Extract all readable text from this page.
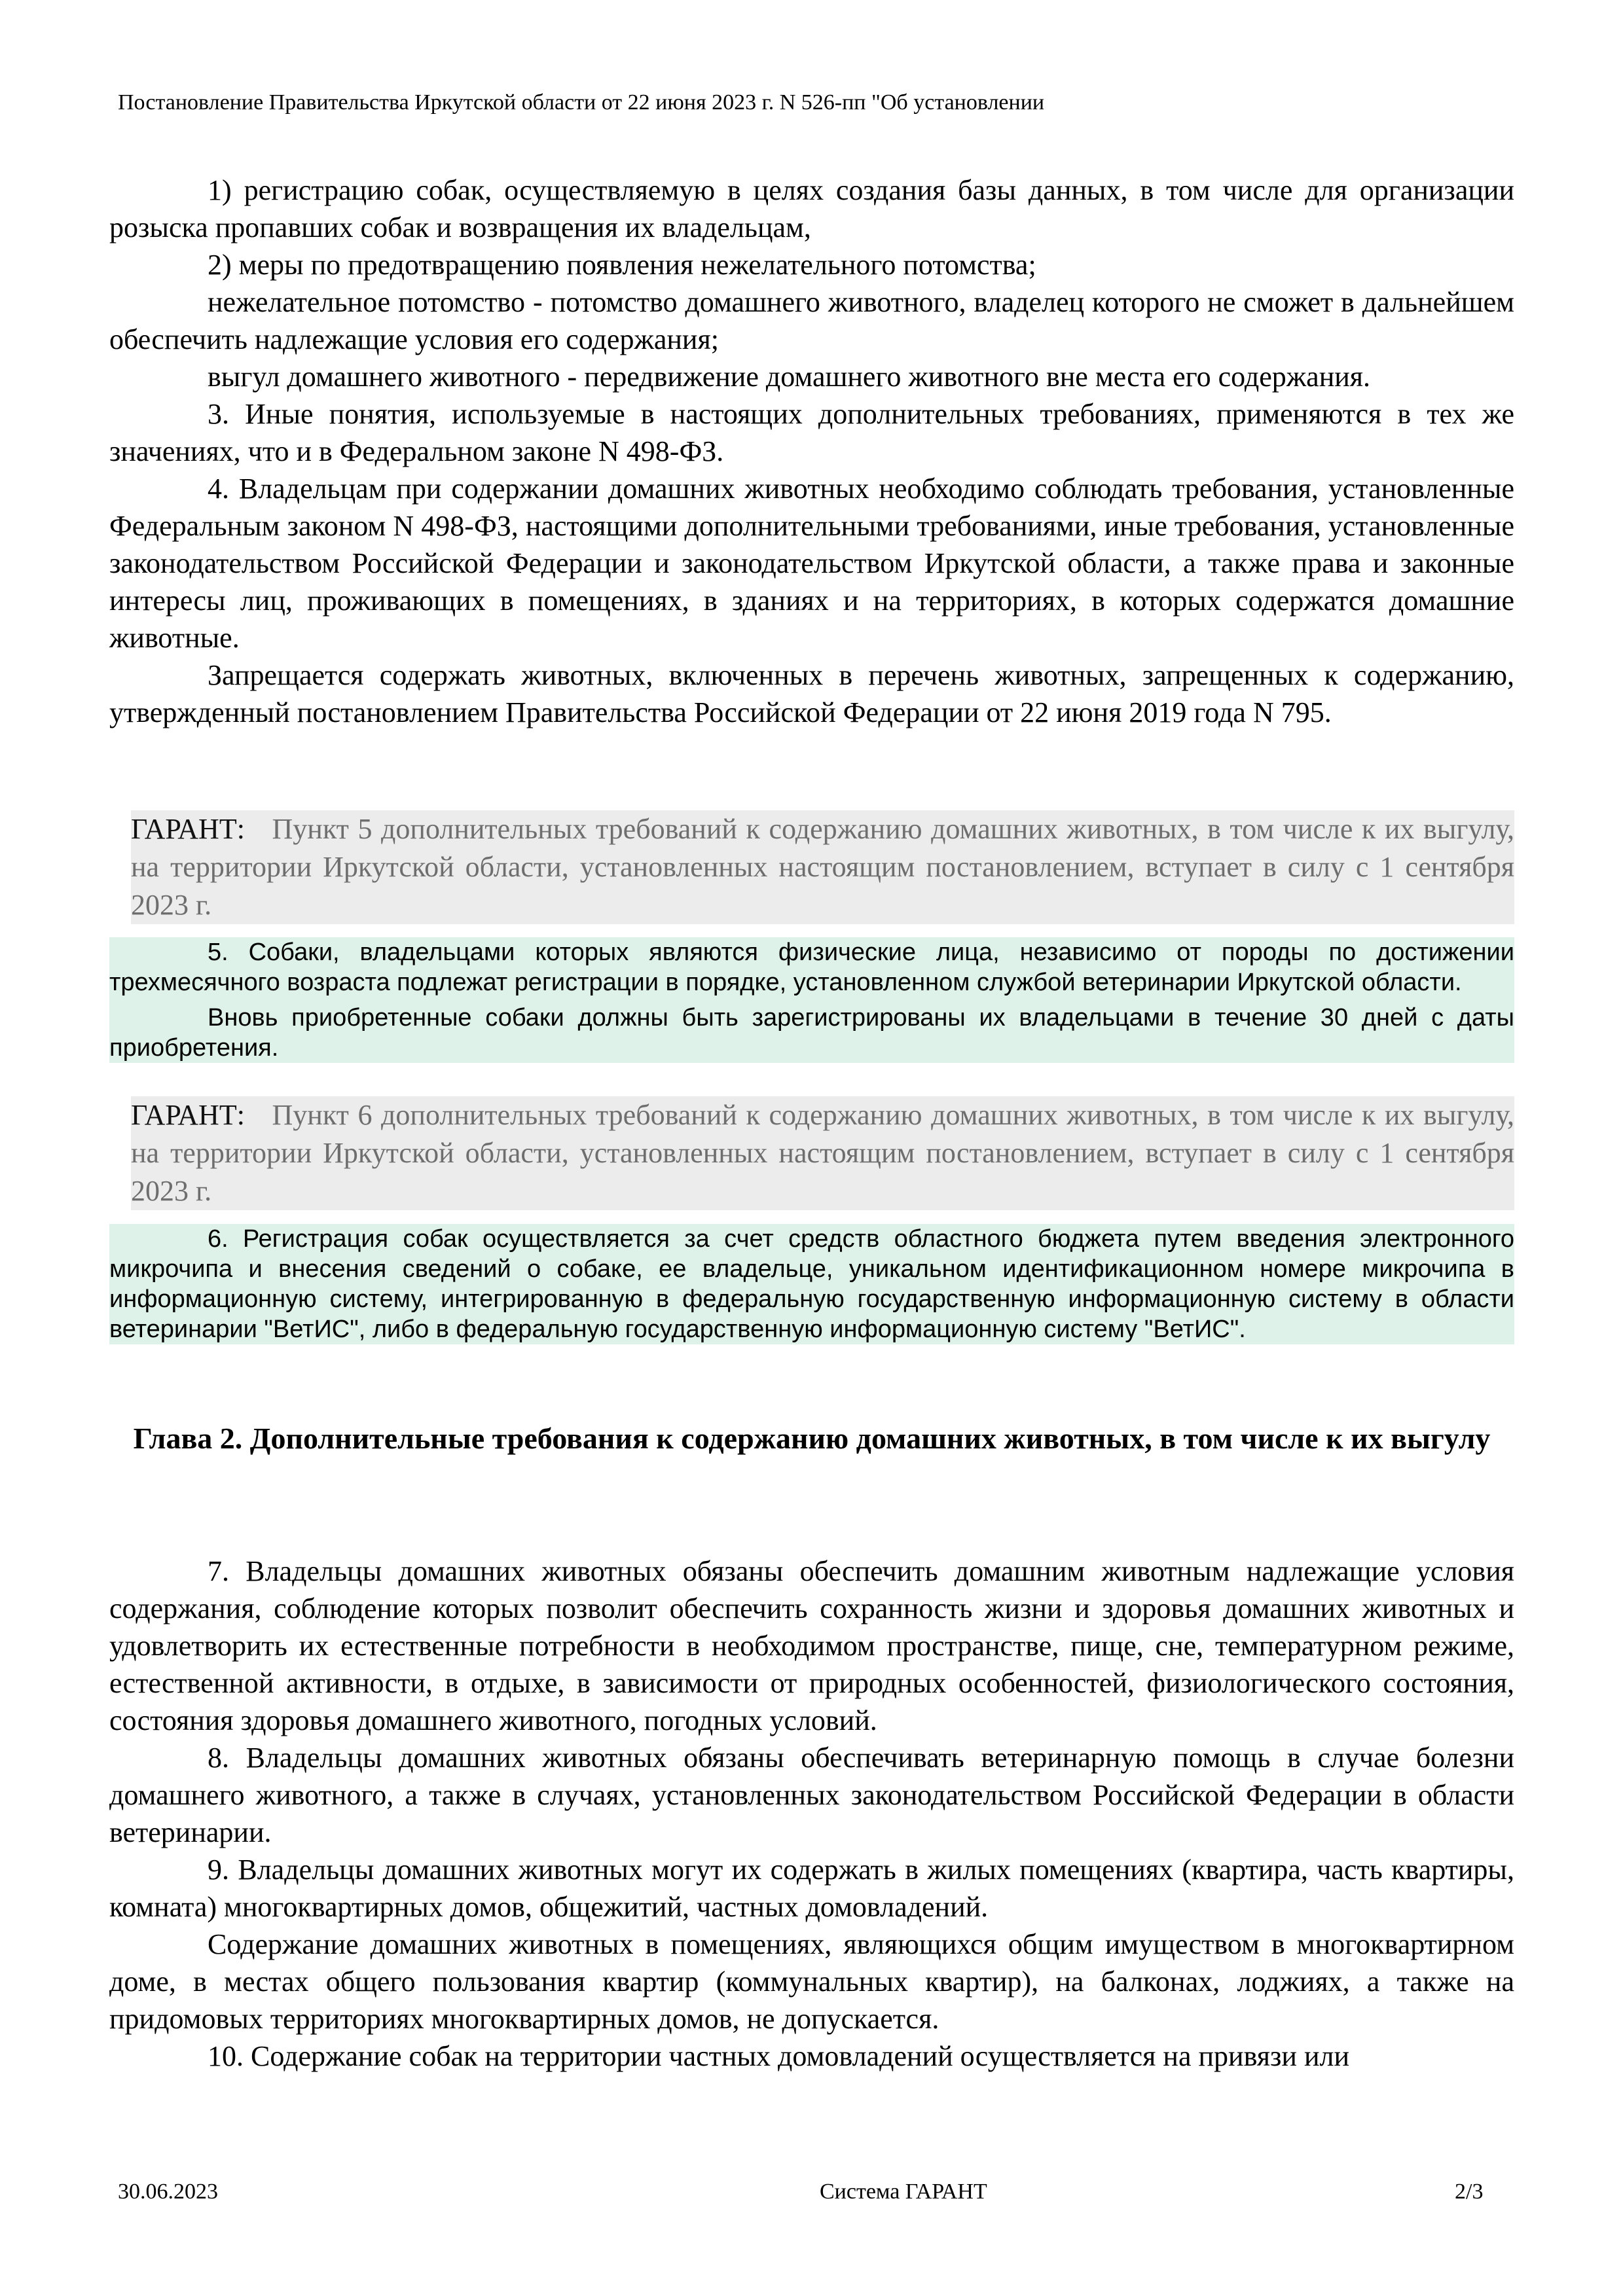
Постановление Правительства Иркутской области от 22 июня 2023 г. N 526-пп "Об установлении

1) регистрацию собак, осуществляемую в целях создания базы данных, в том числе для организации розыска пропавших собак и возвращения их владельцам,

2) меры по предотвращению появления нежелательного потомства;

нежелательное потомство - потомство домашнего животного, владелец которого не сможет в дальнейшем обеспечить надлежащие условия его содержания;

выгул домашнего животного - передвижение домашнего животного вне места его содержания.

3. Иные понятия, используемые в настоящих дополнительных требованиях, применяются в тех же значениях, что и в Федеральном законе N 498-ФЗ.

4. Владельцам при содержании домашних животных необходимо соблюдать требования, установленные Федеральным законом N 498-ФЗ, настоящими дополнительными требованиями, иные требования, установленные законодательством Российской Федерации и законодательством Иркутской области, а также права и законные интересы лиц, проживающих в помещениях, в зданиях и на территориях, в которых содержатся домашние животные.

Запрещается содержать животных, включенных в перечень животных, запрещенных к содержанию, утвержденный постановлением Правительства Российской Федерации от 22 июня 2019 года N 795.

ГАРАНТ: Пункт 5 дополнительных требований к содержанию домашних животных, в том числе к их выгулу, на территории Иркутской области, установленных настоящим постановлением, вступает в силу с 1 сентября 2023 г.

5. Собаки, владельцами которых являются физические лица, независимо от породы по достижении трехмесячного возраста подлежат регистрации в порядке, установленном службой ветеринарии Иркутской области.

Вновь приобретенные собаки должны быть зарегистрированы их владельцами в течение 30 дней с даты приобретения.

ГАРАНТ: Пункт 6 дополнительных требований к содержанию домашних животных, в том числе к их выгулу, на территории Иркутской области, установленных настоящим постановлением, вступает в силу с 1 сентября 2023 г.

6. Регистрация собак осуществляется за счет средств областного бюджета путем введения электронного микрочипа и внесения сведений о собаке, ее владельце, уникальном идентификационном номере микрочипа в информационную систему, интегрированную в федеральную государственную информационную систему в области ветеринарии "ВетИС", либо в федеральную государственную информационную систему "ВетИС".

Глава 2. Дополнительные требования к содержанию домашних животных, в том числе к их выгулу

7. Владельцы домашних животных обязаны обеспечить домашним животным надлежащие условия содержания, соблюдение которых позволит обеспечить сохранность жизни и здоровья домашних животных и удовлетворить их естественные потребности в необходимом пространстве, пище, сне, температурном режиме, естественной активности, в отдыхе, в зависимости от природных особенностей, физиологического состояния, состояния здоровья домашнего животного, погодных условий.

8. Владельцы домашних животных обязаны обеспечивать ветеринарную помощь в случае болезни домашнего животного, а также в случаях, установленных законодательством Российской Федерации в области ветеринарии.

9. Владельцы домашних животных могут их содержать в жилых помещениях (квартира, часть квартиры, комната) многоквартирных домов, общежитий, частных домовладений.

Содержание домашних животных в помещениях, являющихся общим имуществом в многоквартирном доме, в местах общего пользования квартир (коммунальных квартир), на балконах, лоджиях, а также на придомовых территориях многоквартирных домов, не допускается.

10. Содержание собак на территории частных домовладений осуществляется на привязи или

30.06.2023	Система ГАРАНТ	2/3
